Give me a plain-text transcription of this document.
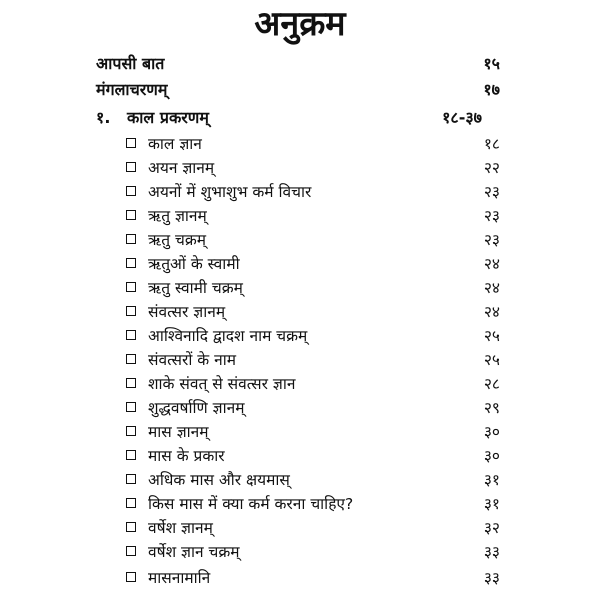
अनुक्रम
आपसी बात	१५
मंगलाचरणम्	१७
१. काल प्रकरणम्	१८-३७
काल ज्ञान	१८
अयन ज्ञानम्	२२
अयनों में शुभाशुभ कर्म विचार	२३
ऋतु ज्ञानम्	२३
ऋतु चक्रम्	२३
ऋतुओं के स्वामी	२४
ऋतु स्वामी चक्रम्	२४
संवत्सर ज्ञानम्	२४
आश्विनादि द्वादश नाम चक्रम्	२५
संवत्सरों के नाम	२५
शाके संवत् से संवत्सर ज्ञान	२८
शुद्धवर्षाणि ज्ञानम्	२९
मास ज्ञानम्	३०
मास के प्रकार	३०
अधिक मास और क्षयमास्	३१
किस मास में क्या कर्म करना चाहिए?	३१
वर्षेश ज्ञानम्	३२
वर्षेश ज्ञान चक्रम्	३३
मासनामानि	३३
